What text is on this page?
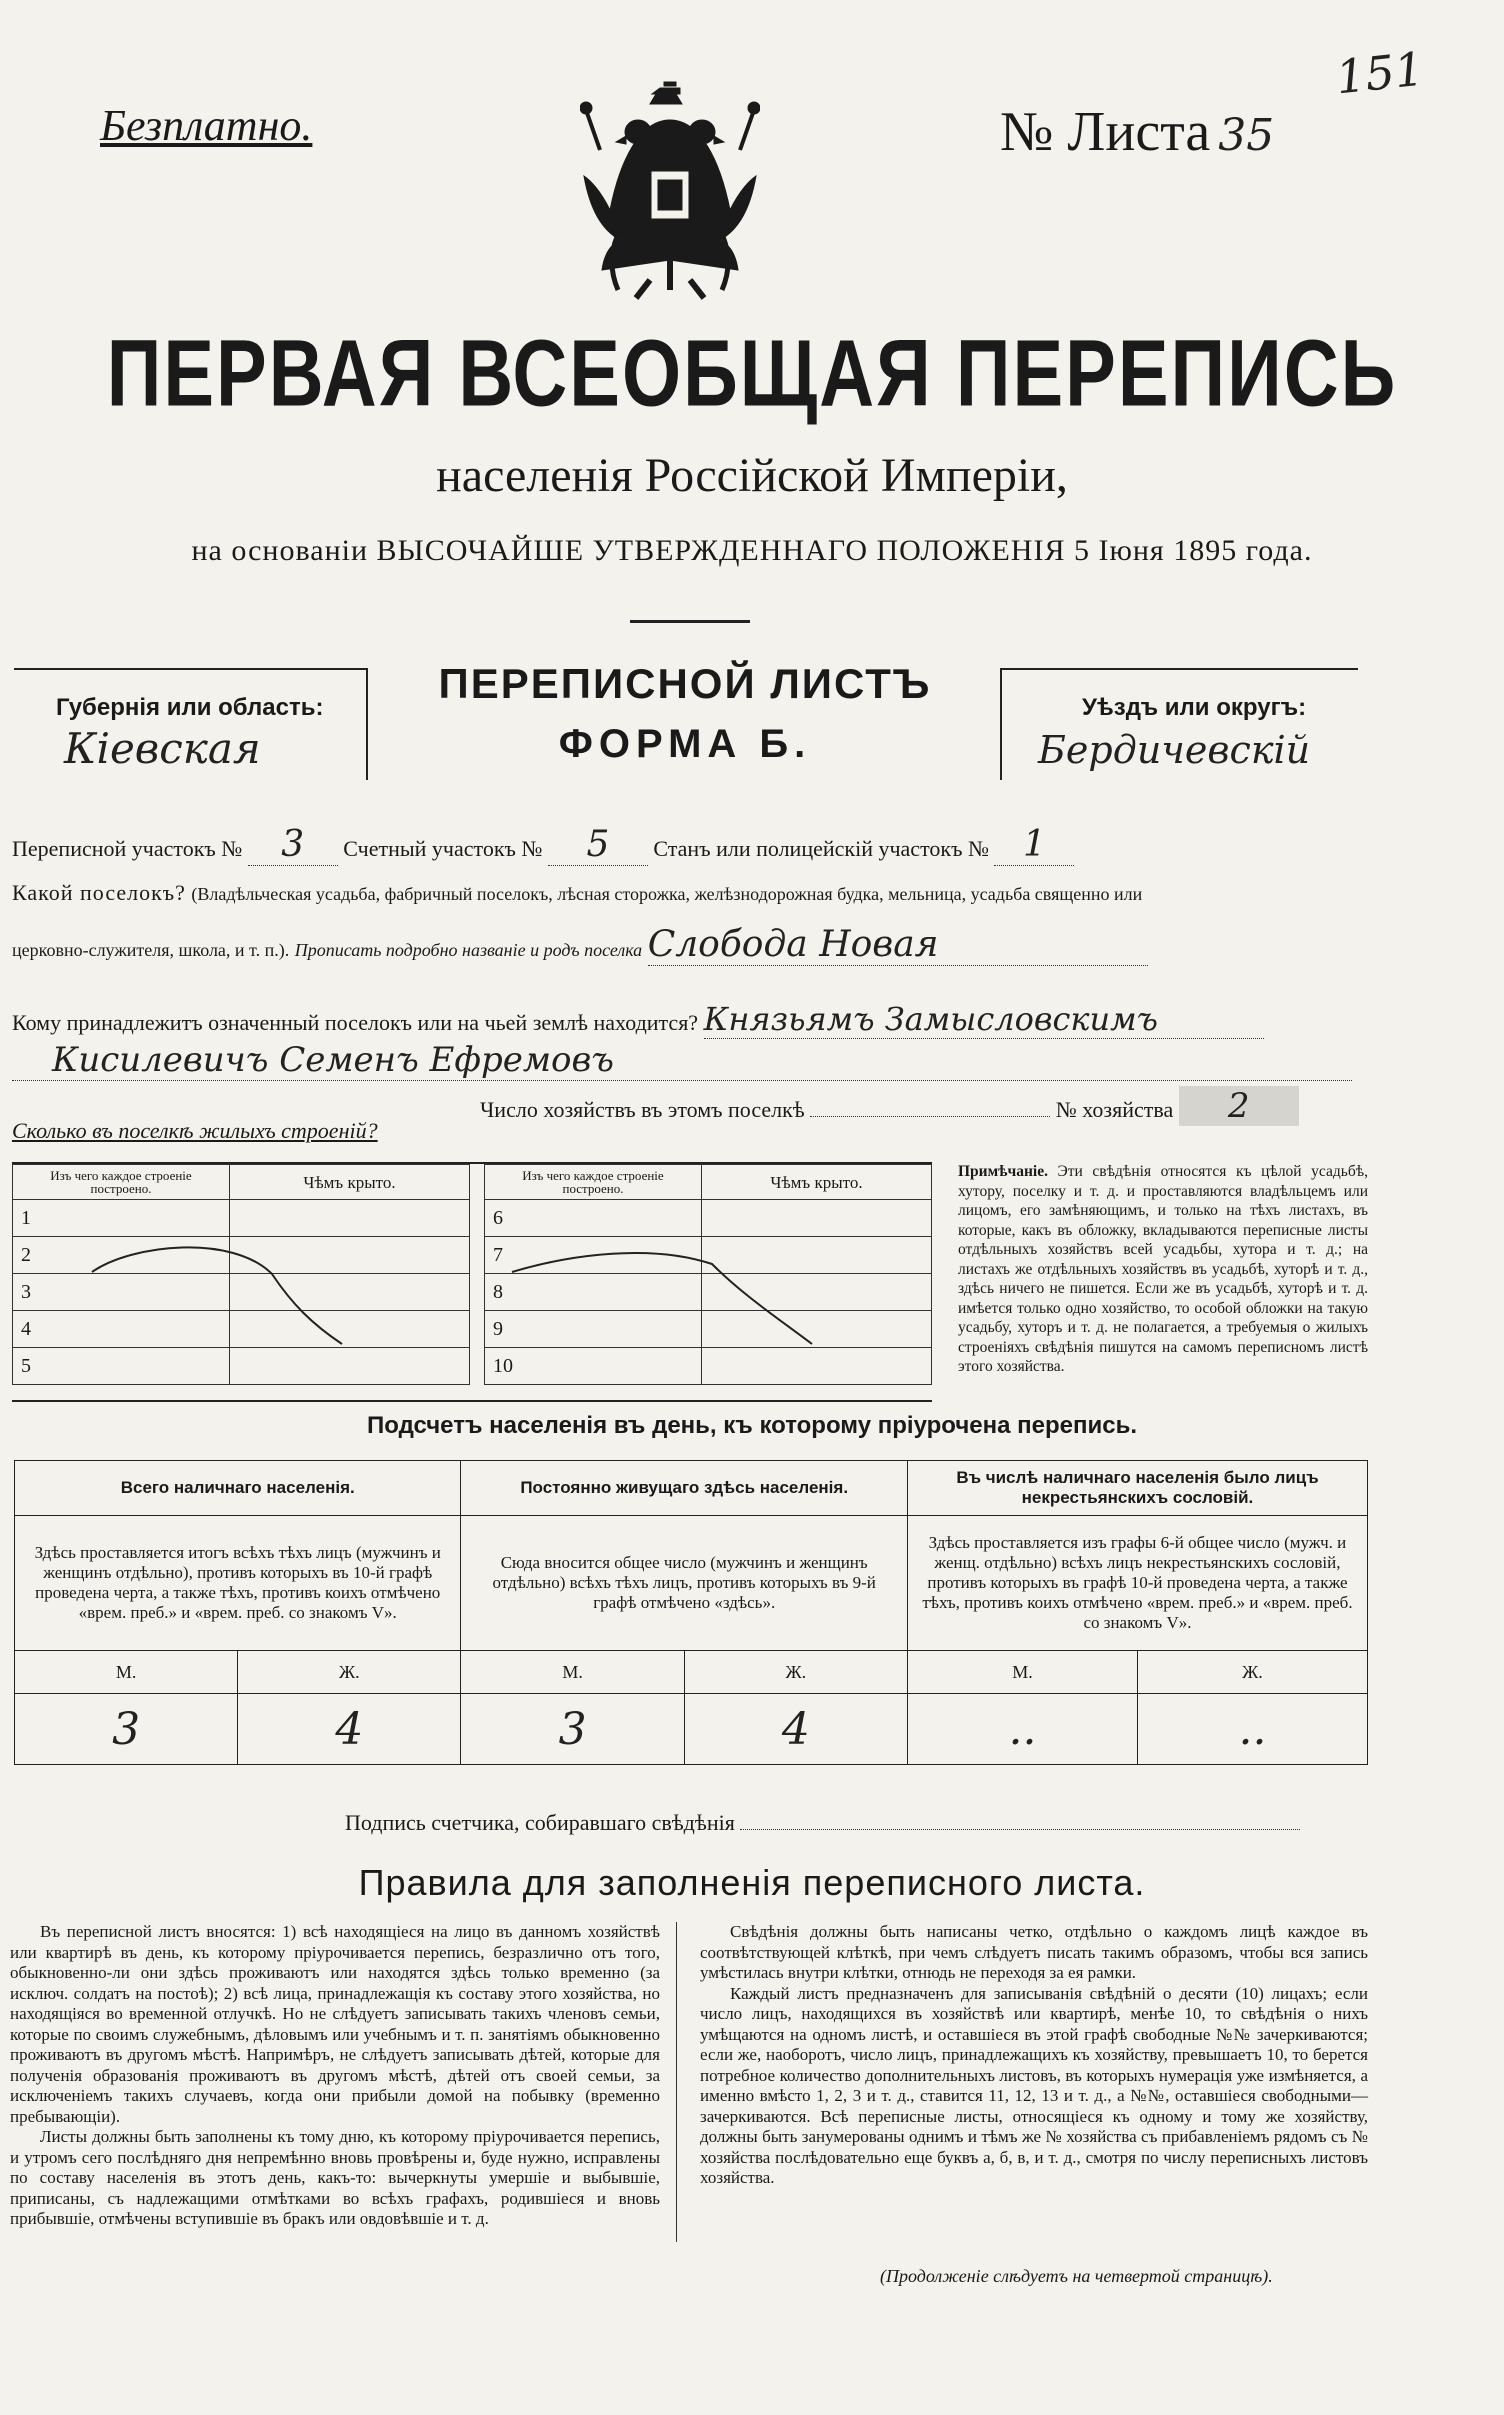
151
Безплатно.	№ Листа 35
ПЕРВАЯ ВСЕОБЩАЯ ПЕРЕПИСЬ
населенія Россійской Имперіи,
на основаніи ВЫСОЧАЙШЕ УТВЕРЖДЕННАГО ПОЛОЖЕНІЯ 5 Іюня 1895 года.
Губернія или область:
Кіевская
ПЕРЕПИСНОЙ ЛИСТЪ
ФОРМА Б.
Уѣздъ или округъ:
Бердичевскій
Переписной участокъ № 3 Счетный участокъ № 5 Станъ или полицейскій участокъ № 1
Какой поселокъ? (Владѣльческая усадьба, фабричный поселокъ, лѣсная сторожка, желѣзнодорожная будка, мельница, усадьба священно или
церковно-служителя, школа, и т. п.). Прописать подробно названіе и родъ поселка Слобода Новая
Кому принадлежитъ означенный поселокъ или на чьей землѣ находится? Князьямъ Замысловскимъ
Кисилевичъ Семенъ Ефремовъ
Число хозяйствъ въ этомъ поселкѣ	№ хозяйства 2
Сколько въ поселкѣ жилыхъ строеній?
Изъ чего каждое строеніе построено.	Чѣмъ крыто.
1	
2	
3	
4	
5	
Изъ чего каждое строеніе построено.	Чѣмъ крыто.
6	
7	
8	
9	
10	
Примѣчаніе. Эти свѣдѣнія относятся къ цѣлой усадьбѣ, хутору, поселку и т. д. и проставляются владѣльцемъ или лицомъ, его замѣняющимъ, и только на тѣхъ листахъ, въ которые, какъ въ обложку, вкладываются переписные листы отдѣльныхъ хозяйствъ всей усадьбы, хутора и т. д.; на листахъ же отдѣльныхъ хозяйствъ въ усадьбѣ, хуторѣ и т. д., здѣсь ничего не пишется. Если же въ усадьбѣ, хуторѣ и т. д. имѣется только одно хозяйство, то особой обложки на такую усадьбу, хуторъ и т. д. не полагается, а требуемыя о жилыхъ строеніяхъ свѣдѣнія пишутся на самомъ переписномъ листѣ этого хозяйства.
Подсчетъ населенія въ день, къ которому пріурочена перепись.
Всего наличнаго населенія.		Постоянно живущаго здѣсь населенія.		Въ числѣ наличнаго населенія было лицъ некрестьянскихъ сословій.	
Здѣсь проставляется итогъ всѣхъ тѣхъ лицъ (мужчинъ и женщинъ отдѣльно), противъ которыхъ въ 10-й графѣ проведена черта, а также тѣхъ, противъ коихъ отмѣчено «врем. преб.» и «врем. преб. со знакомъ V».		Сюда вносится общее число (мужчинъ и женщинъ отдѣльно) всѣхъ тѣхъ лицъ, противъ которыхъ въ 9-й графѣ отмѣчено «здѣсь».		Здѣсь проставляется изъ графы 6-й общее число (мужч. и женщ. отдѣльно) всѣхъ лицъ некрестьянскихъ сословій, противъ которыхъ въ графѣ 10-й проведена черта, а также тѣхъ, противъ коихъ отмѣчено «врем. преб.» и «врем. преб. со знакомъ V».	
М.	Ж.	М.	Ж.	М.	Ж.
3	4	3	4	..	..
Подпись счетчика, собиравшаго свѣдѣнія
Правила для заполненія переписного листа.
Въ переписной листъ вносятся: 1) всѣ находящіеся на лицо въ данномъ хозяйствѣ или квартирѣ въ день, къ которому пріурочивается перепись, безразлично отъ того, обыкновенно-ли они здѣсь проживаютъ или находятся здѣсь только временно (за исключ. солдатъ на постоѣ); 2) всѣ лица, принадлежащія къ составу этого хозяйства, но находящіяся во временной отлучкѣ. Но не слѣдуетъ записывать такихъ членовъ семьи, которые по своимъ служебнымъ, дѣловымъ или учебнымъ и т. п. занятіямъ обыкновенно проживаютъ въ другомъ мѣстѣ. Напримѣръ, не слѣдуетъ записывать дѣтей, которые для полученія образованія проживаютъ въ другомъ мѣстѣ, дѣтей отъ своей семьи, за исключеніемъ такихъ случаевъ, когда они прибыли домой на побывку (временно пребывающіи).
Листы должны быть заполнены къ тому дню, къ которому пріурочивается перепись, и утромъ сего послѣдняго дня непремѣнно вновь провѣрены и, буде нужно, исправлены по составу населенія въ этотъ день, какъ-то: вычеркнуты умершіе и выбывшіе, приписаны, съ надлежащими отмѣтками во всѣхъ графахъ, родившіеся и вновь прибывшіе, отмѣчены вступившіе въ бракъ или овдовѣвшіе и т. д.
Свѣдѣнія должны быть написаны четко, отдѣльно о каждомъ лицѣ каждое въ соотвѣтствующей клѣткѣ, при чемъ слѣдуетъ писать такимъ образомъ, чтобы вся запись умѣстилась внутри клѣтки, отнюдь не переходя за ея рамки.
Каждый листъ предназначенъ для записыванія свѣдѣній о десяти (10) лицахъ; если число лицъ, находящихся въ хозяйствѣ или квартирѣ, менѣе 10, то свѣдѣнія о нихъ умѣщаются на одномъ листѣ, и оставшіеся въ этой графѣ свободные №№ зачеркиваются; если же, наоборотъ, число лицъ, принадлежащихъ къ хозяйству, превышаетъ 10, то берется потребное количество дополнительныхъ листовъ, въ которыхъ нумерація уже измѣняется, а именно вмѣсто 1, 2, 3 и т. д., ставится 11, 12, 13 и т. д., а №№, оставшіеся свободными—зачеркиваются. Всѣ переписные листы, относящіеся къ одному и тому же хозяйству, должны быть занумерованы однимъ и тѣмъ же № хозяйства съ прибавленіемъ рядомъ съ № хозяйства послѣдовательно еще буквъ а, б, в, и т. д., смотря по числу переписныхъ листовъ хозяйства.
(Продолженіе слѣдуетъ на четвертой страницѣ).
